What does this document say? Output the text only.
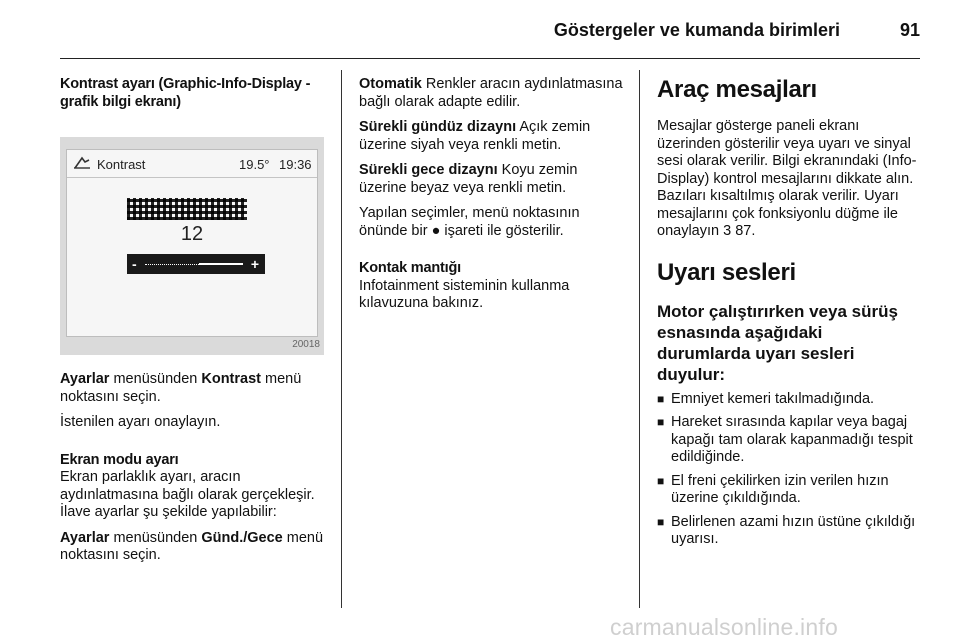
Göstergeler ve kumanda birimleri	91
Kontrast ayarı (Graphic-Info-Display - grafik bilgi ekranı)
Kontrast	19.5° 19:36
12
-	+
20018

Ayarlar menüsünden Kontrast menü noktasını seçin.

İstenilen ayarı onaylayın.

Ekran modu ayarı

Ekran parlaklık ayarı, aracın aydınlatmasına bağlı olarak gerçekleşir. İlave ayarlar şu şekilde yapılabilir:

Ayarlar menüsünden Günd./Gece menü noktasını seçin.

Otomatik Renkler aracın aydınlatmasına bağlı olarak adapte edilir.

Sürekli gündüz dizaynı Açık zemin üzerine siyah veya renkli metin.

Sürekli gece dizaynı Koyu zemin üzerine beyaz veya renkli metin.

Yapılan seçimler, menü noktasının önünde bir ● işareti ile gösterilir.

Kontak mantığı

Infotainment sisteminin kullanma kılavuzuna bakınız.

Araç mesajları

Mesajlar gösterge paneli ekranı üzerinden gösterilir veya uyarı ve sinyal sesi olarak verilir. Bilgi ekranındaki (Info-Display) kontrol mesajlarını dikkate alın. Bazıları kısaltılmış olarak verilir. Uyarı mesajlarını çok fonksiyonlu düğme ile onaylayın 3 87.

Uyarı sesleri
Motor çalıştırırken veya sürüş esnasında aşağıdaki durumlarda uyarı sesleri duyulur:
■ Emniyet kemeri takılmadığında.
■ Hareket sırasında kapılar veya bagaj kapağı tam olarak kapanmadığı tespit edildiğinde.
■ El freni çekilirken izin verilen hızın üzerine çıkıldığında.
■ Belirlenen azami hızın üstüne çıkıldığı uyarısı.
carmanualsonline.info
